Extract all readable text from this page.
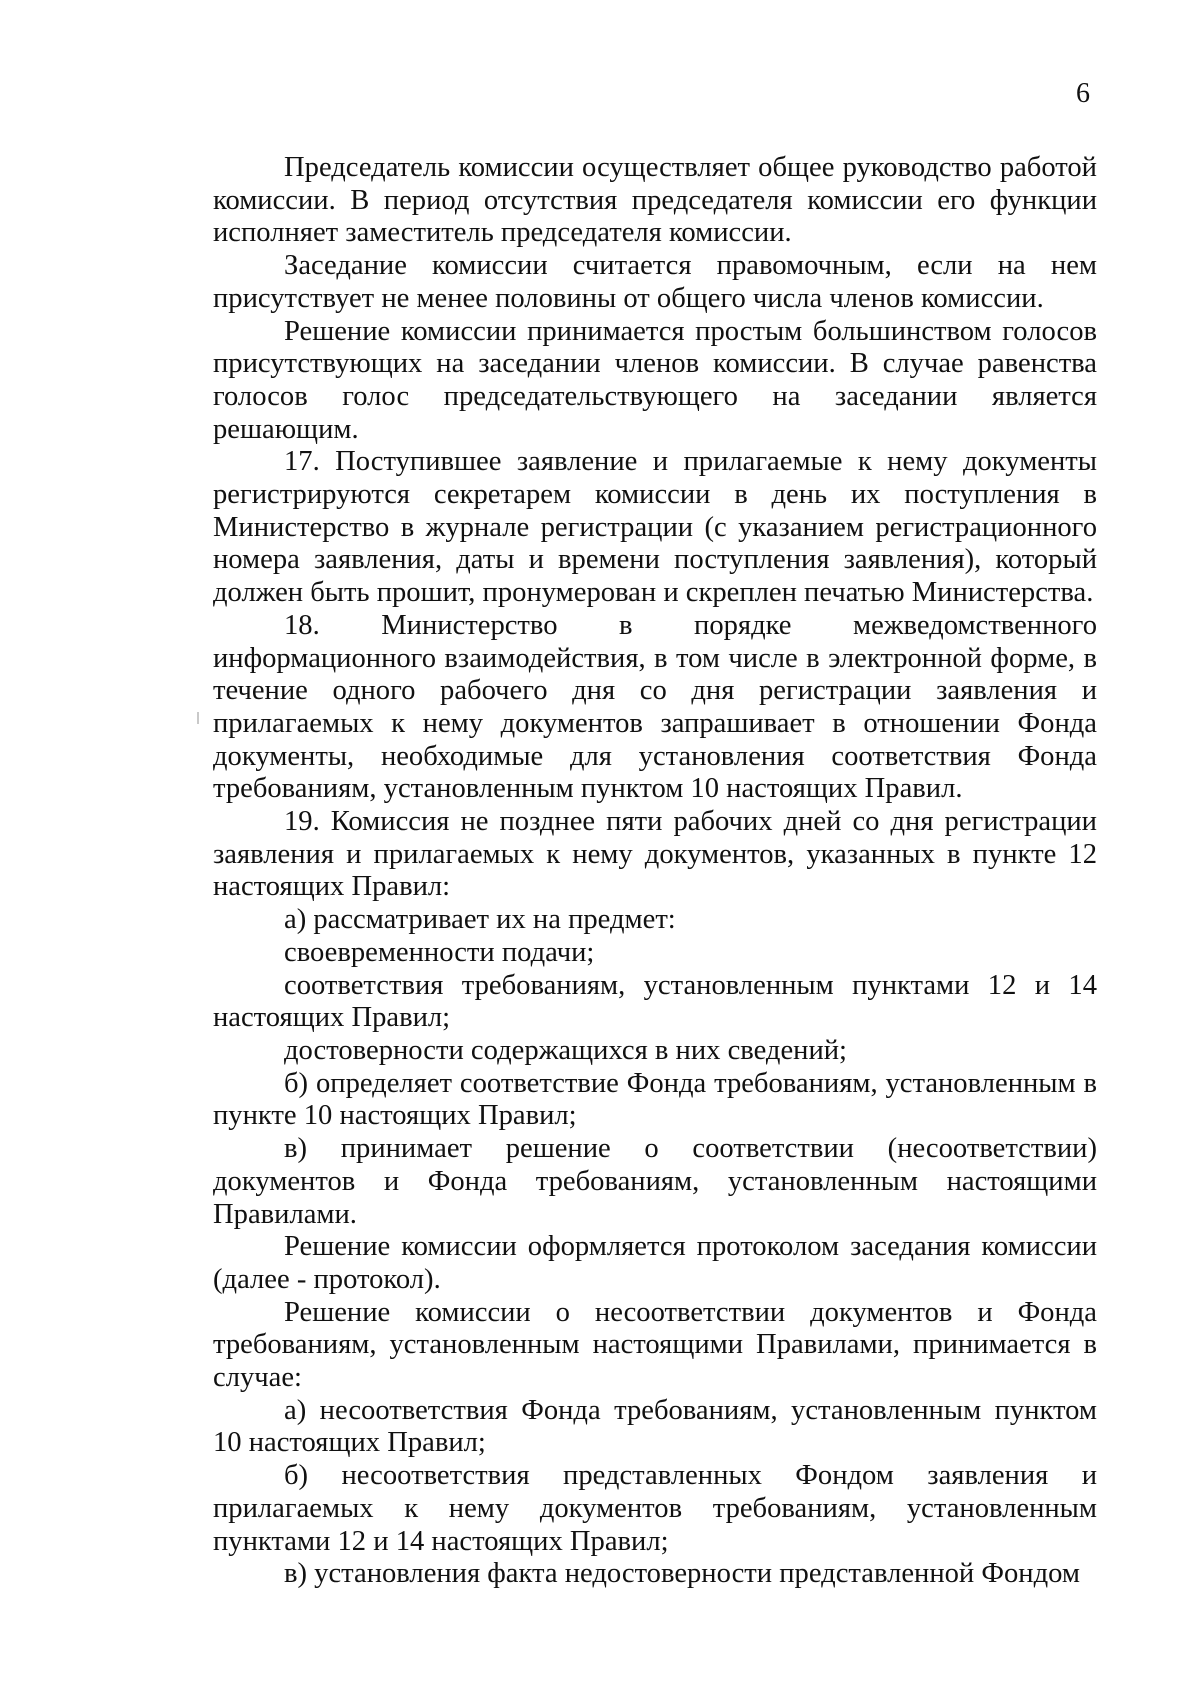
6

Председатель комиссии осуществляет общее руководство работой комиссии. В период отсутствия председателя комиссии его функции исполняет заместитель председателя комиссии.

Заседание комиссии считается правомочным, если на нем присутствует не менее половины от общего числа членов комиссии.

Решение комиссии принимается простым большинством голосов присутствующих на заседании членов комиссии. В случае равенства голосов голос председательствующего на заседании является решающим.

17. Поступившее заявление и прилагаемые к нему документы регистрируются секретарем комиссии в день их поступления в Министерство в журнале регистрации (с указанием регистрационного номера заявления, даты и времени поступления заявления), который должен быть прошит, пронумерован и скреплен печатью Министерства.

18. Министерство в порядке межведомственного информационного взаимодействия, в том числе в электронной форме, в течение одного рабочего дня со дня регистрации заявления и прилагаемых к нему документов запрашивает в отношении Фонда документы, необходимые для установления соответствия Фонда требованиям, установленным пунктом 10 настоящих Правил.

19. Комиссия не позднее пяти рабочих дней со дня регистрации заявления и прилагаемых к нему документов, указанных в пункте 12 настоящих Правил:

а) рассматривает их на предмет:

своевременности подачи;

соответствия требованиям, установленным пунктами 12 и 14 настоящих Правил;

достоверности содержащихся в них сведений;

б) определяет соответствие Фонда требованиям, установленным в пункте 10 настоящих Правил;

в) принимает решение о соответствии (несоответствии) документов и Фонда требованиям, установленным настоящими Правилами.

Решение комиссии оформляется протоколом заседания комиссии (далее - протокол).

Решение комиссии о несоответствии документов и Фонда требованиям, установленным настоящими Правилами, принимается в случае:

а) несоответствия Фонда требованиям, установленным пунктом 10 настоящих Правил;

б) несоответствия представленных Фондом заявления и прилагаемых к нему документов требованиям, установленным пунктами 12 и 14 настоящих Правил;

в) установления факта недостоверности представленной Фондом
